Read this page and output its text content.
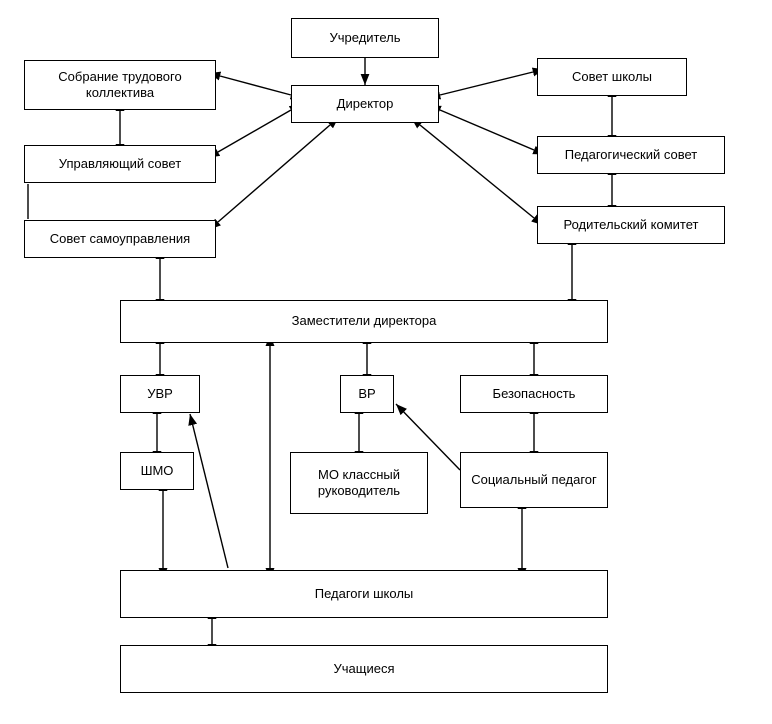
Учредитель
Собрание трудового коллектива
Совет школы
Директор
Управляющий совет
Педагогический совет
Совет самоуправления
Родительский комитет
Заместители директора
УВР	ВР	Безопасность
ШМО	МО классный руководитель
Социальный педагог
Педагоги школы
Учащиеся
